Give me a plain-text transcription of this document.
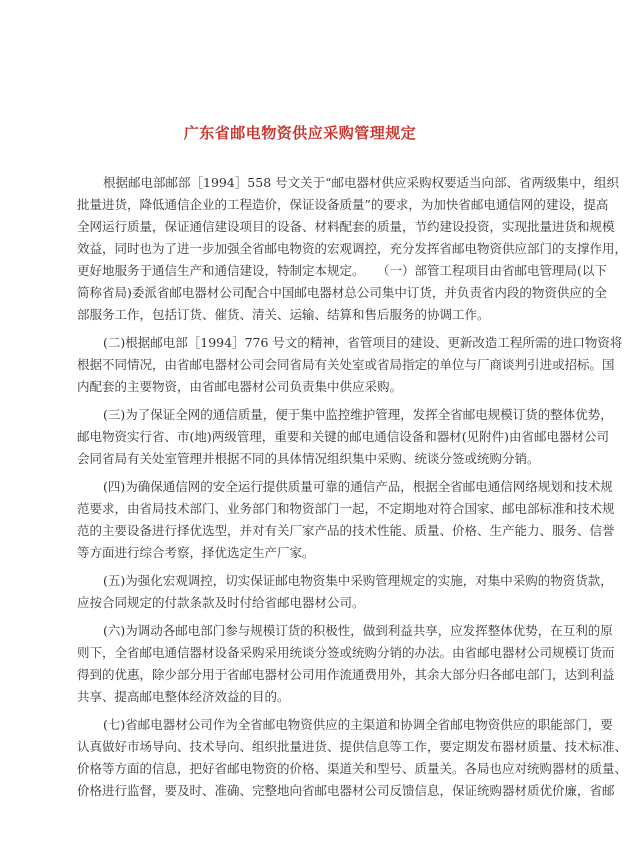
广东省邮电物资供应采购管理规定
根据邮电部邮部［1994］558 号文关于“邮电器材供应采购权要适当向部、省两级集中，组织
批量进货，降低通信企业的工程造价，保证设备质量”的要求，为加快省邮电通信网的建设，提高
全网运行质量，保证通信建设项目的设备、材料配套的质量，节约建设投资，实现批量进货和规模
效益，同时也为了进一步加强全省邮电物资的宏观调控，充分发挥省邮电物资供应部门的支撑作用，
更好地服务于通信生产和通信建设，特制定本规定。　　（一）部管工程项目由省邮电管理局(以下
简称省局)委派省邮电器材公司配合中国邮电器材总公司集中订货，并负责省内段的物资供应的全
部服务工作，包括订货、催货、清关、运输、结算和售后服务的协调工作。
(二)根据邮电部［1994］776 号文的精神，省管项目的建设、更新改造工程所需的进口物资将
根据不同情况，由省邮电器材公司会同省局有关处室或省局指定的单位与厂商谈判引进或招标。国
内配套的主要物资，由省邮电器材公司负责集中供应采购。
(三)为了保证全网的通信质量，便于集中监控维护管理，发挥全省邮电规模订货的整体优势，
邮电物资实行省、市(地)两级管理，重要和关键的邮电通信设备和器材(见附件)由省邮电器材公司
会同省局有关处室管理并根据不同的具体情况组织集中采购、统谈分签或统购分销。
(四)为确保通信网的安全运行提供质量可靠的通信产品，根据全省邮电通信网络规划和技术规
范要求，由省局技术部门、业务部门和物资部门一起，不定期地对符合国家、邮电部标准和技术规
范的主要设备进行择优选型，并对有关厂家产品的技术性能、质量、价格、生产能力、服务、信誉
等方面进行综合考察，择优选定生产厂家。
(五)为强化宏观调控，切实保证邮电物资集中采购管理规定的实施，对集中采购的物资货款，
应按合同规定的付款条款及时付给省邮电器材公司。
(六)为调动各邮电部门参与规模订货的积极性，做到利益共享，应发挥整体优势，在互利的原
则下，全省邮电通信器材设备采购采用统谈分签或统购分销的办法。由省邮电器材公司规模订货而
得到的优惠，除少部分用于省邮电器材公司用作流通费用外，其余大部分归各邮电部门，达到利益
共享、提高邮电整体经济效益的目的。
(七)省邮电器材公司作为全省邮电物资供应的主渠道和协调全省邮电物资供应的职能部门，要
认真做好市场导向、技术导向、组织批量进货、提供信息等工作，要定期发布器材质量、技术标准、
价格等方面的信息，把好省邮电物资的价格、渠道关和型号、质量关。各局也应对统购器材的质量、
价格进行监督，要及时、准确、完整地向省邮电器材公司反馈信息，保证统购器材质优价廉，省邮
